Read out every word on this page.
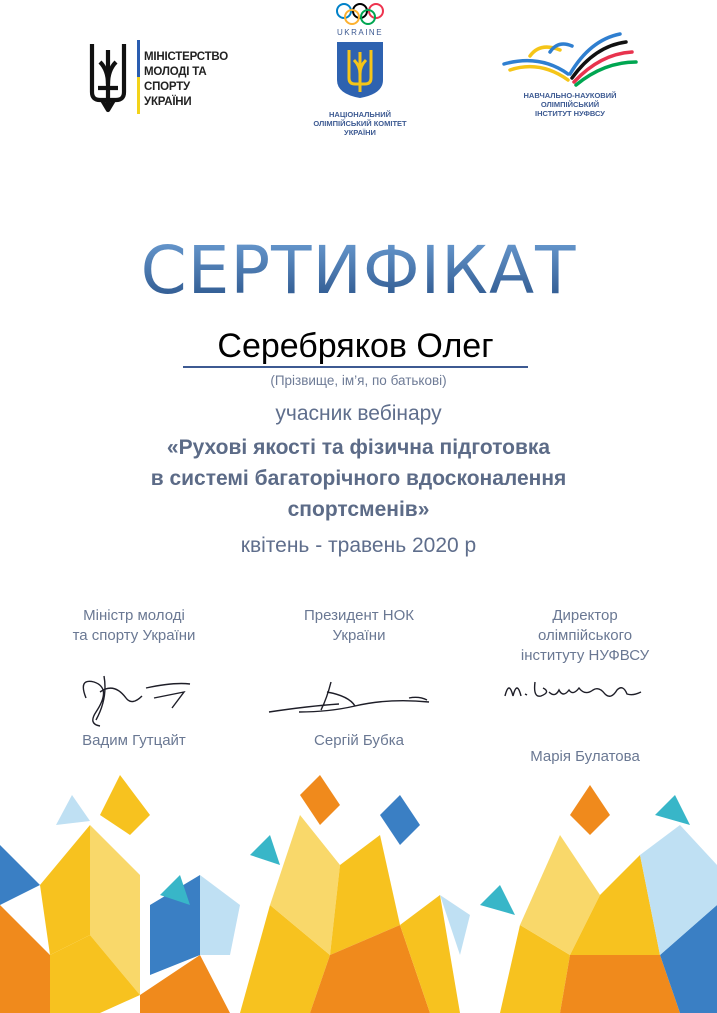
МІНІСТЕРСТВО
МОЛОДІ ТА СПОРТУ
УКРАЇНИ
UKRAINE
НАЦІОНАЛЬНИЙ
ОЛІМПІЙСЬКИЙ КОМІТЕТ
УКРАЇНИ
НАВЧАЛЬНО-НАУКОВИЙ
ОЛІМПІЙСЬКИЙ
ІНСТИТУТ НУФВСУ
СЕРТИФІКАТ
Серебряков Олег
(Прізвище, ім’я, по батькові)
учасник вебінару
«Рухові якості та фізична підготовка
в системі багаторічного вдосконалення
спортсменів»
квітень - травень 2020 р
Міністр молоді
та спорту України
Вадим Гутцайт
Президент НОК
України
Сергій Бубка
Директор
олімпійського
інституту НУФВСУ
Марія Булатова
